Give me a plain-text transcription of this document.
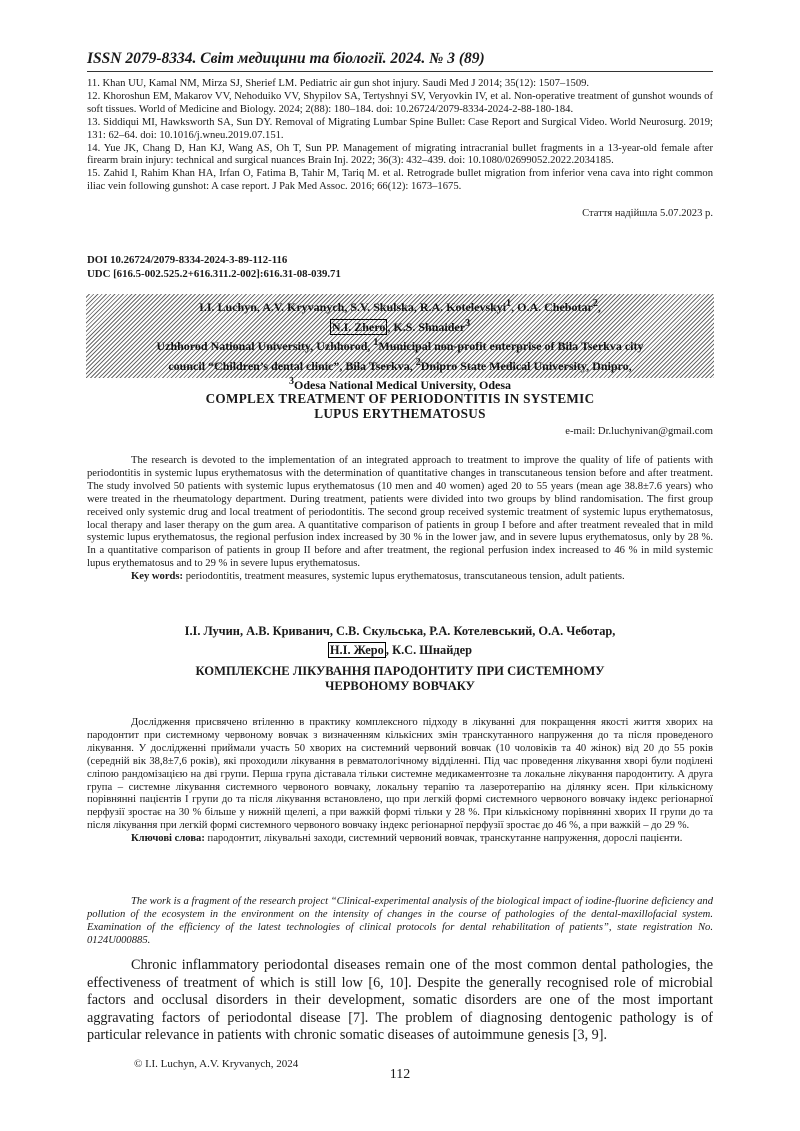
ISSN 2079-8334. Світ медицини та біології. 2024. № 3 (89)

11. Khan UU, Kamal NM, Mirza SJ, Sherief LM. Pediatric air gun shot injury. Saudi Med J 2014; 35(12): 1507–1509.

12. Khoroshun EM, Makarov VV, Nehoduiko VV, Shypilov SA, Tertyshnyi SV, Veryovkin IV, et al. Non-operative treatment of gunshot wounds of soft tissues. World of Medicine and Biology. 2024; 2(88): 180–184. doi: 10.26724/2079-8334-2024-2-88-180-184.

13. Siddiqui MI, Hawksworth SA, Sun DY. Removal of Migrating Lumbar Spine Bullet: Case Report and Surgical Video. World Neurosurg. 2019; 131: 62–64. doi: 10.1016/j.wneu.2019.07.151.

14. Yue JK, Chang D, Han KJ, Wang AS, Oh T, Sun PP. Management of migrating intracranial bullet fragments in a 13-year-old female after firearm brain injury: technical and surgical nuances Brain Inj. 2022; 36(3): 432–439. doi: 10.1080/02699052.2022.2034185.

15. Zahid I, Rahim Khan HA, Irfan O, Fatima B, Tahir M, Tariq M. et al. Retrograde bullet migration from inferior vena cava into right common iliac vein following gunshot: A case report. J Pak Med Assoc. 2016; 66(12): 1673–1675.

Стаття надійшла 5.07.2023 р.
DOI 10.26724/2079-8334-2024-3-89-112-116
UDC [616.5-002.525.2+616.311.2-002]:616.31-08-039.71
I.I. Luchyn, A.V. Kryvanych, S.V. Skulska, R.A. Kotelevskyi$^1$, O.A. Chebotar$^2$,
N.I. Zhero , K.S. Shnaider$^3$
Uzhhorod National University, Uzhhorod, $^1$Municipal non-profit enterprise of Bila Tserkva city
council “Children’s dental clinic”, Bila Tserkva, $^2$Dnipro State Medical University, Dnipro,
$^3$Odesa National Medical University, Odesa
COMPLEX TREATMENT OF PERIODONTITIS IN SYSTEMIC
LUPUS ERYTHEMATOSUS
e-mail: Dr.luchynivan@gmail.com

The research is devoted to the implementation of an integrated approach to treatment to improve the quality of life of patients with periodontitis in systemic lupus erythematosus with the determination of quantitative changes in transcutaneous tension before and after treatment. The study involved 50 patients with systemic lupus erythematosus (10 men and 40 women) aged 20 to 55 years (mean age 38.8±7.6 years) who were treated in the rheumatology department. During treatment, patients were divided into two groups by blind randomisation. The first group received only systemic drug and local treatment of periodontitis. The second group received systemic treatment of systemic lupus erythematosus, local therapy and laser therapy on the gum area. A quantitative comparison of patients in group I before and after treatment revealed that in mild systemic lupus erythematosus, the regional perfusion index increased by 30 % in the lower jaw, and in severe lupus erythematosus, only by 28 %. In a quantitative comparison of patients in group II before and after treatment, the regional perfusion index increased to 46 % in mild systemic lupus erythematosus and to 29 % in severe lupus erythematosus.

Key words: periodontitis, treatment measures, systemic lupus erythematosus, transcutaneous tension, adult patients.

І.І. Лучин, А.В. Криванич, С.В. Скульська, Р.А. Котелевський, О.А. Чеботар,
Н.І. Жеро , К.С. Шнайдер
КОМПЛЕКСНЕ ЛІКУВАННЯ ПАРОДОНТИТУ ПРИ СИСТЕМНОМУ
ЧЕРВОНОМУ ВОВЧАКУ

Дослідження присвячено втіленню в практику комплексного підходу в лікуванні для покращення якості життя хворих на пародонтит при системному червоному вовчак з визначенням кількісних змін транскутанного напруження до та після проведеного лікування. У дослідженні приймали участь 50 хворих на системний червоний вовчак (10 чоловіків та 40 жінок) від 20 до 55 років (середній вік 38,8±7,6 років), які проходили лікування в ревматологічному відділенні. Під час проведення лікування хворі були поділені сліпою рандомізацією на дві групи. Перша група діставала тільки системне медикаментозне та локальне лікування пародонтиту. А друга група – системне лікування системного червоного вовчаку, локальну терапію та лазеротерапію на ділянку ясен. При кількісному порівнянні пацієнтів I групи до та після лікування встановлено, що при легкій формі системного червоного вовчаку індекс регіонарної перфузії зростає на 30 % більше у нижній щелепі, а при важкій формі тільки у 28 %. При кількісному порівнянні хворих II групи до та після лікування при легкій формі системного червоного вовчаку індекс регіонарної перфузії зростає до 46 %, а при важкій – до 29 %.

Ключові слова: пародонтит, лікувальні заходи, системний червоний вовчак, транскутанне напруження, дорослі пацієнти.

The work is a fragment of the research project “Clinical-experimental analysis of the biological impact of iodine-fluorine deficiency and pollution of the ecosystem in the environment on the intensity of changes in the course of pathologies of the dental-maxillofacial system. Examination of the efficiency of the latest technologies of clinical protocols for dental rehabilitation of patients”, state registration No. 0124U000885.

Chronic inflammatory periodontal diseases remain one of the most common dental pathologies, the effectiveness of treatment of which is still low [6, 10]. Despite the generally recognised role of microbial factors and occlusal disorders in their development, somatic disorders are one of the most important aggravating factors of periodontal disease [7]. The problem of diagnosing dentogenic pathology is of particular relevance in patients with chronic somatic diseases of autoimmune genesis [3, 9].

© I.I. Luchyn, A.V. Kryvanych, 2024
112
